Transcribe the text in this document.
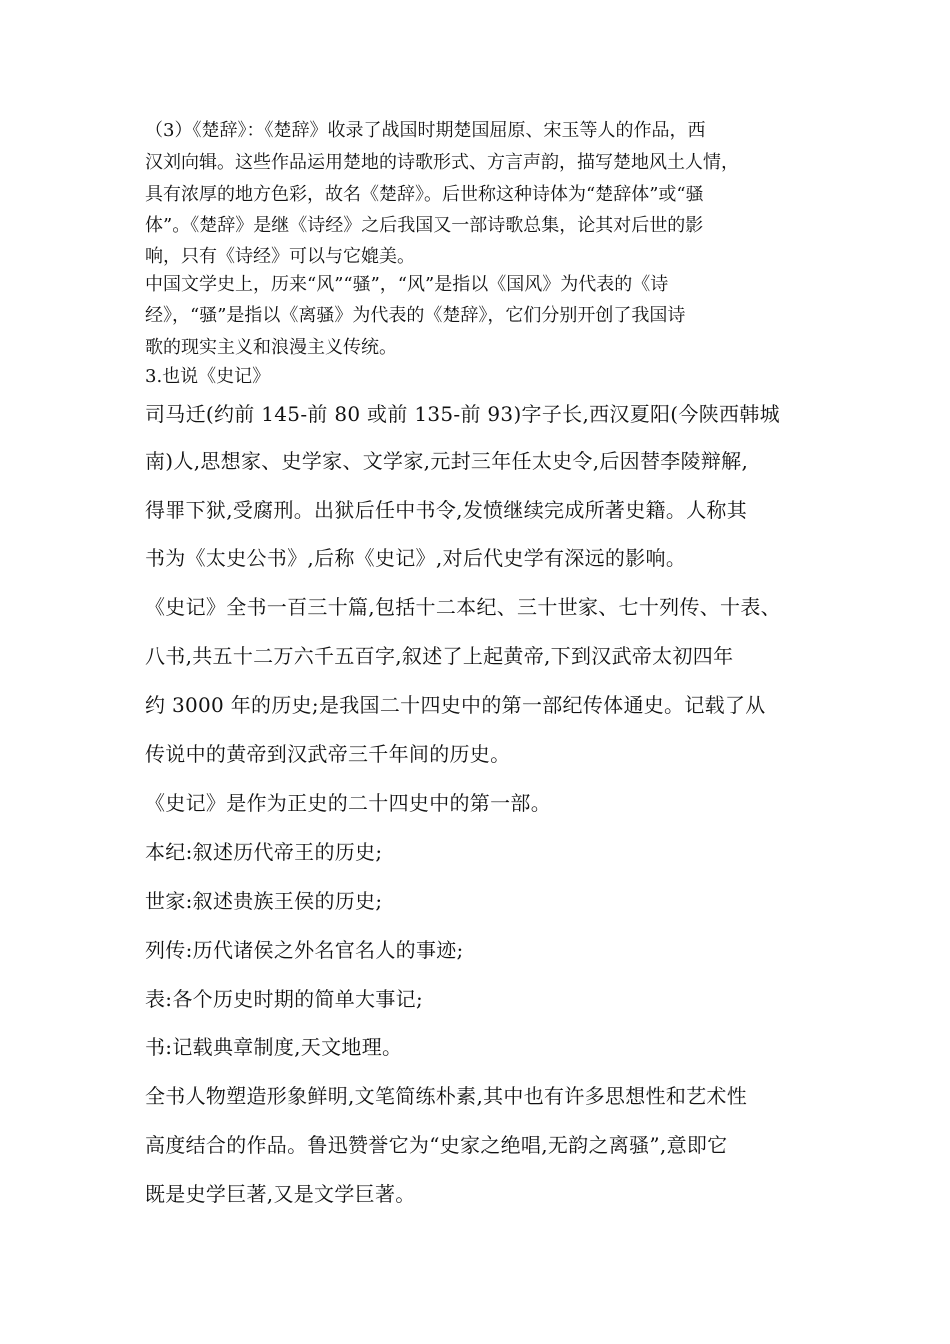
（3）《楚辞》：《楚辞》收录了战国时期楚国屈原、宋玉等人的作品，西
汉刘向辑。这些作品运用楚地的诗歌形式、方言声韵，描写楚地风土人情，
具有浓厚的地方色彩，故名《楚辞》。后世称这种诗体为“楚辞体”或“骚
体”。《楚辞》是继《诗经》之后我国又一部诗歌总集，论其对后世的影
响，只有《诗经》可以与它媲美。
中国文学史上，历来“风”“骚”，“风”是指以《国风》为代表的《诗
经》，“骚”是指以《离骚》为代表的《楚辞》，它们分别开创了我国诗
歌的现实主义和浪漫主义传统。
3.也说《史记》
司马迁(约前 145-前 80 或前 135-前 93)字子长,西汉夏阳(今陕西韩城
南)人,思想家、史学家、文学家,元封三年任太史令,后因替李陵辩解,
得罪下狱,受腐刑。出狱后任中书令,发愤继续完成所著史籍。人称其
书为《太史公书》,后称《史记》,对后代史学有深远的影响。
《史记》全书一百三十篇,包括十二本纪、三十世家、七十列传、十表、
八书,共五十二万六千五百字,叙述了上起黄帝,下到汉武帝太初四年
约 3000 年的历史;是我国二十四史中的第一部纪传体通史。记载了从
传说中的黄帝到汉武帝三千年间的历史。
《史记》是作为正史的二十四史中的第一部。
本纪:叙述历代帝王的历史;
世家:叙述贵族王侯的历史;
列传:历代诸侯之外名官名人的事迹;
表:各个历史时期的简单大事记;
书:记载典章制度,天文地理。
全书人物塑造形象鲜明,文笔简练朴素,其中也有许多思想性和艺术性
高度结合的作品。鲁迅赞誉它为“史家之绝唱,无韵之离骚”,意即它
既是史学巨著,又是文学巨著。
